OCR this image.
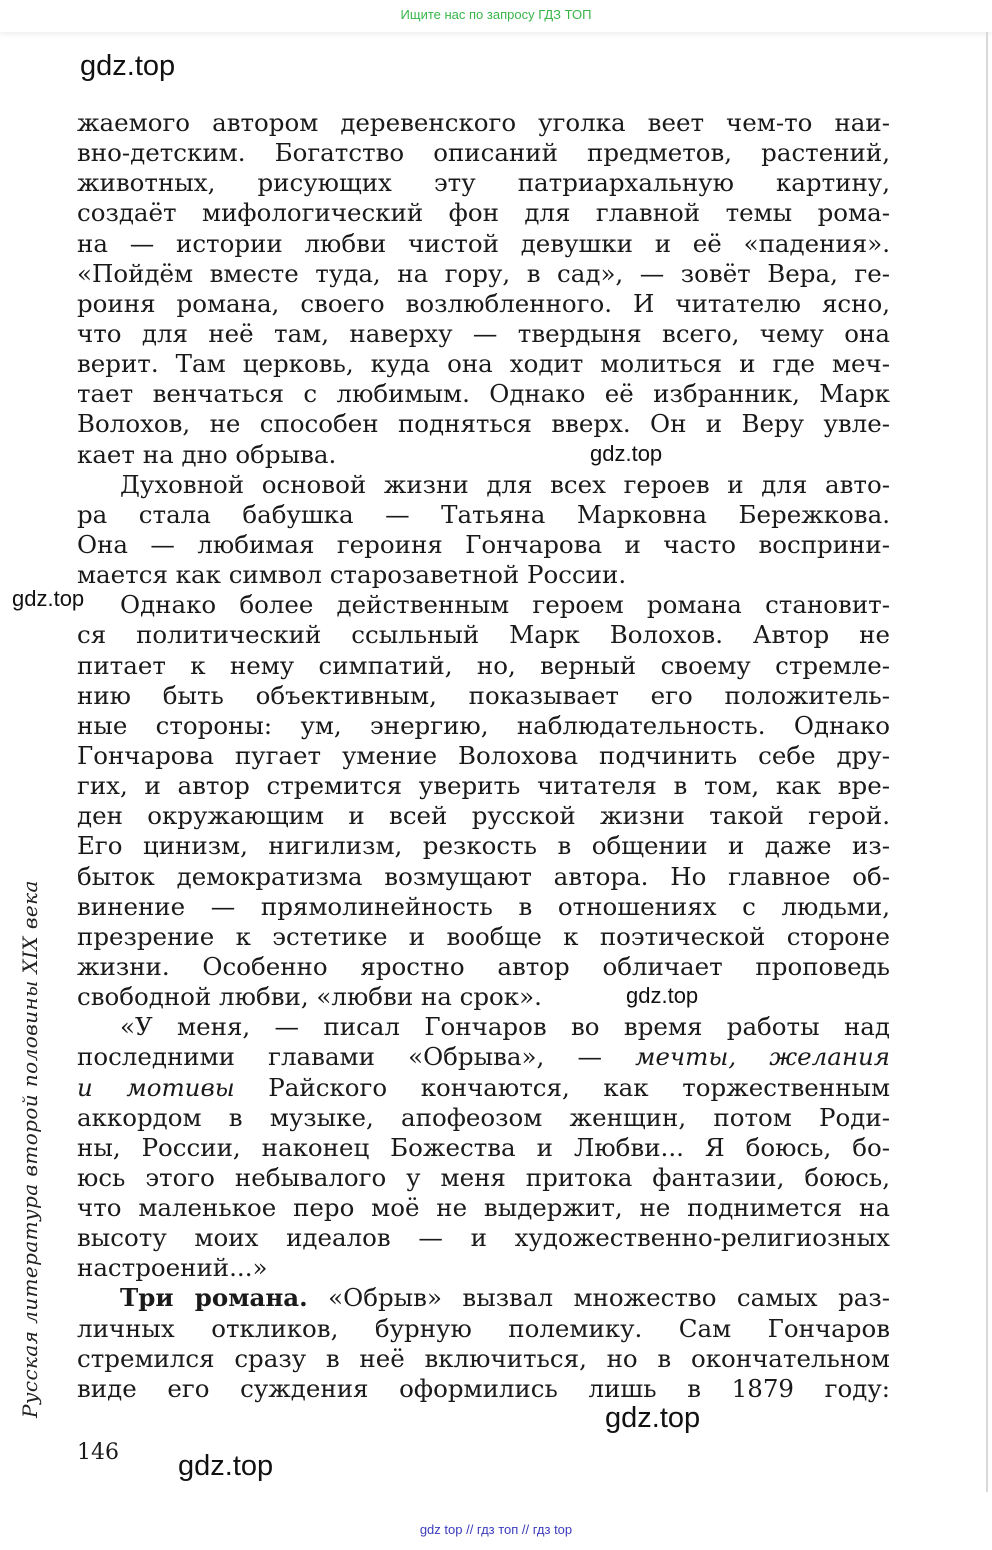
Ищите нас по запросу ГДЗ ТОП
gdz.top
gdz.top
gdz.top
gdz.top
gdz.top
gdz.top
Русская литература второй половины XIX века
жаемого автором деревенского уголка веет чем-то наи-
вно-детским. Богатство описаний предметов, растений,
животных, рисующих эту патриархальную картину,
создаёт мифологический фон для главной темы рома-
на — истории любви чистой девушки и её «падения».
«Пойдём вместе туда, на гору, в сад», — зовёт Вера, ге-
роиня романа, своего возлюбленного. И читателю ясно,
что для неё там, наверху — твердыня всего, чему она
верит. Там церковь, куда она ходит молиться и где меч-
тает венчаться с любимым. Однако её избранник, Марк
Волохов, не способен подняться вверх. Он и Веру увле-
кает на дно обрыва.
Духовной основой жизни для всех героев и для авто-
ра стала бабушка — Татьяна Марковна Бережкова.
Она — любимая героиня Гончарова и часто восприни-
мается как символ старозаветной России.
Однако более действенным героем романа становит-
ся политический ссыльный Марк Волохов. Автор не
питает к нему симпатий, но, верный своему стремле-
нию быть объективным, показывает его положитель-
ные стороны: ум, энергию, наблюдательность. Однако
Гончарова пугает умение Волохова подчинить себе дру-
гих, и автор стремится уверить читателя в том, как вре-
ден окружающим и всей русской жизни такой герой.
Его цинизм, нигилизм, резкость в общении и даже из-
быток демократизма возмущают автора. Но главное об-
винение — прямолинейность в отношениях с людьми,
презрение к эстетике и вообще к поэтической стороне
жизни. Особенно яростно автор обличает проповедь
свободной любви, «любви на срок».
«У меня, — писал Гончаров во время работы над
последними главами «Обрыва», — мечты, желания
и мотивы Райского кончаются, как торжественным
аккордом в музыке, апофеозом женщин, потом Роди-
ны, России, наконец Божества и Любви... Я боюсь, бо-
юсь этого небывалого у меня притока фантазии, боюсь,
что маленькое перо моё не выдержит, не поднимется на
высоту моих идеалов — и художественно-религиозных
настроений...»
Три романа. «Обрыв» вызвал множество самых раз-
личных откликов, бурную полемику. Сам Гончаров
стремился сразу в неё включиться, но в окончательном
виде его суждения оформились лишь в 1879 году:
146
gdz top // гдз топ // гдз top
